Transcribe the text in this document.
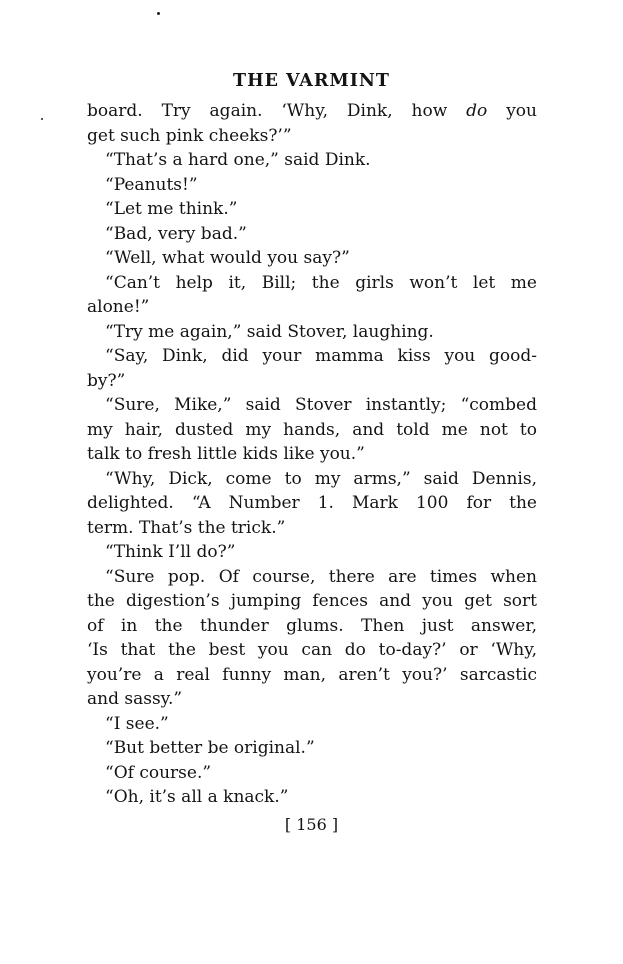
THE VARMINT
board. Try again. ‘Why, Dink, how do you
get such pink cheeks?’”
“That’s a hard one,” said Dink.
“Peanuts!”
“Let me think.”
“Bad, very bad.”
“Well, what would you say?”
“Can’t help it, Bill; the girls won’t let me
alone!”
“Try me again,” said Stover, laughing.
“Say, Dink, did your mamma kiss you good-
by?”
“Sure, Mike,” said Stover instantly; “combed
my hair, dusted my hands, and told me not to
talk to fresh little kids like you.”
“Why, Dick, come to my arms,” said Dennis,
delighted. “A Number 1. Mark 100 for the
term. That’s the trick.”
“Think I’ll do?”
“Sure pop. Of course, there are times when
the digestion’s jumping fences and you get sort
of in the thunder glums. Then just answer,
‘Is that the best you can do to-day?’ or ‘Why,
you’re a real funny man, aren’t you?’ sarcastic
and sassy.”
“I see.”
“But better be original.”
“Of course.”
“Oh, it’s all a knack.”
[ 156 ]
